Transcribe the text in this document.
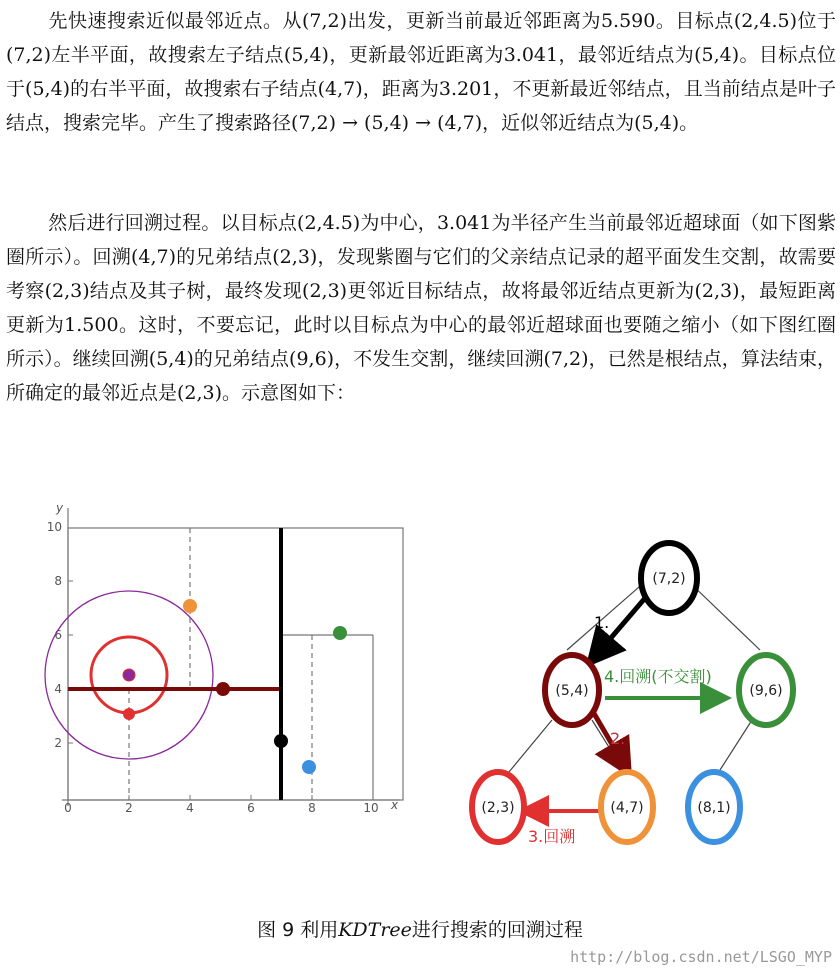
先快速搜索近似最邻近点。从(7,2)出发，更新当前最近邻距离为5.590。目标点(2,4.5)位于(7,2)左半平面，故搜索左子结点(5,4)，更新最邻近距离为3.041，最邻近结点为(5,4)。目标点位于(5,4)的右半平面，故搜索右子结点(4,7)，距离为3.201，不更新最近邻结点，且当前结点是叶子结点，搜索完毕。产生了搜索路径(7,2) → (5,4) → (4,7)，近似邻近结点为(5,4)。
然后进行回溯过程。以目标点(2,4.5)为中心，3.041为半径产生当前最邻近超球面（如下图紫圈所示）。回溯(4,7)的兄弟结点(2,3)，发现紫圈与它们的父亲结点记录的超平面发生交割，故需要考察(2,3)结点及其子树，最终发现(2,3)更邻近目标结点，故将最邻近结点更新为(2,3)，最短距离更新为1.500。这时，不要忘记，此时以目标点为中心的最邻近超球面也要随之缩小（如下图红圈所示）。继续回溯(5,4)的兄弟结点(9,6)，不发生交割，继续回溯(7,2)，已然是根结点，算法结束，所确定的最邻近点是(2,3)。示意图如下：
y
x
0	2	4	6	8	10
2
4
6
8
10
1.
2.
4.回溯(不交割)
3.回溯
(7,2)
(5,4)	(9,6)
(2,3)	(4,7)	(8,1)
图 9 利用KDTree进行搜索的回溯过程
http://blog.csdn.net/LSGO_MYP
